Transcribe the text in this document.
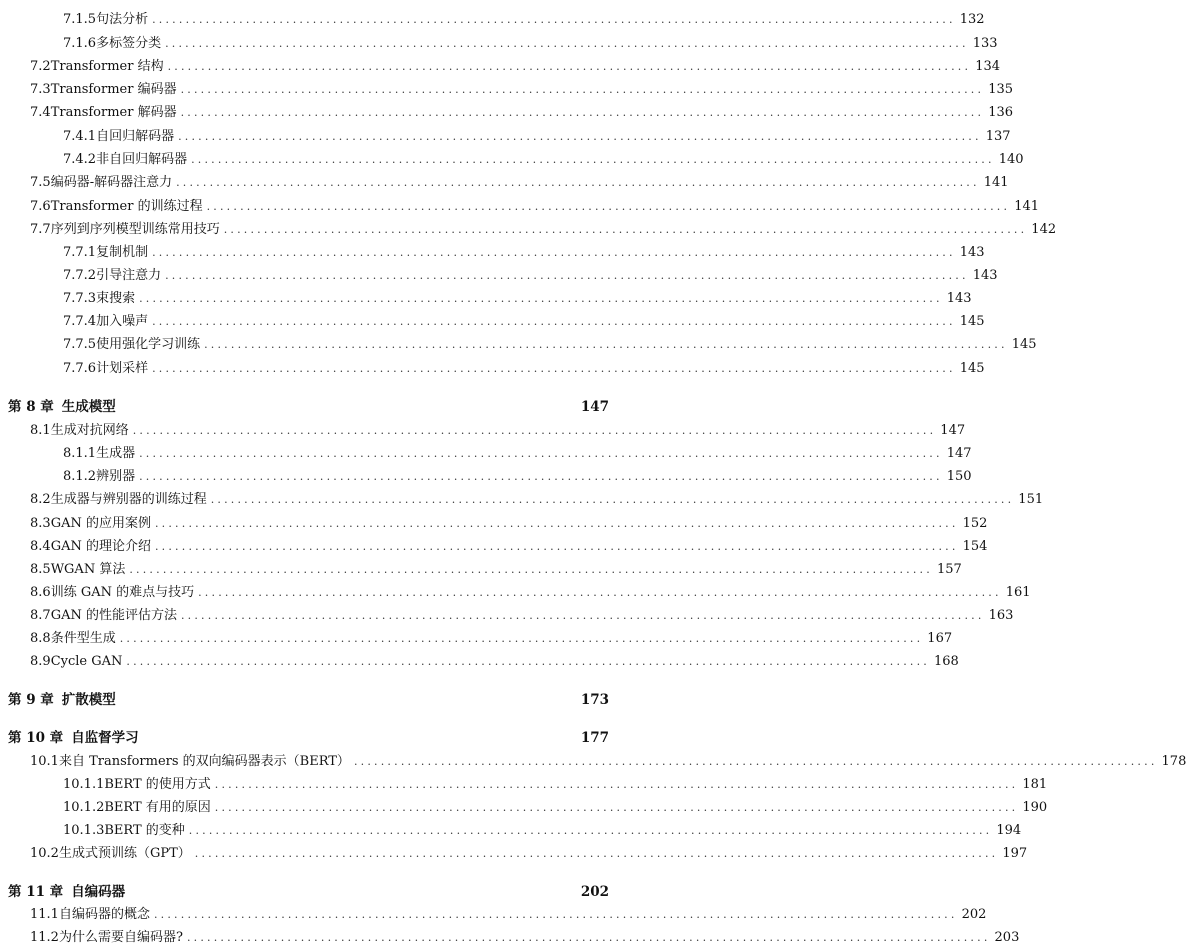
7.1.5 句法分析 ........................................................................................................................ 132
7.1.6 多标签分类 ........................................................................................................................ 133
7.2 Transformer 结构 ........................................................................................................................ 134
7.3 Transformer 编码器 ........................................................................................................................ 135
7.4 Transformer 解码器 ........................................................................................................................ 136
7.4.1 自回归解码器 ........................................................................................................................ 137
7.4.2 非自回归解码器 ........................................................................................................................ 140
7.5 编码器-解码器注意力 ........................................................................................................................ 141
7.6 Transformer 的训练过程 ........................................................................................................................ 141
7.7 序列到序列模型训练常用技巧 ........................................................................................................................ 142
7.7.1 复制机制 ........................................................................................................................ 143
7.7.2 引导注意力 ........................................................................................................................ 143
7.7.3 束搜索 ........................................................................................................................ 143
7.7.4 加入噪声 ........................................................................................................................ 145
7.7.5 使用强化学习训练 ........................................................................................................................ 145
7.7.6 计划采样 ........................................................................................................................ 145
第 8 章 生成模型	147
8.1 生成对抗网络 ........................................................................................................................ 147
8.1.1 生成器 ........................................................................................................................ 147
8.1.2 辨别器 ........................................................................................................................ 150
8.2 生成器与辨别器的训练过程 ........................................................................................................................ 151
8.3 GAN 的应用案例 ........................................................................................................................ 152
8.4 GAN 的理论介绍 ........................................................................................................................ 154
8.5 WGAN 算法 ........................................................................................................................ 157
8.6 训练 GAN 的难点与技巧 ........................................................................................................................ 161
8.7 GAN 的性能评估方法 ........................................................................................................................ 163
8.8 条件型生成 ........................................................................................................................ 167
8.9 Cycle GAN ........................................................................................................................ 168
第 9 章 扩散模型	173
第 10 章 自监督学习	177
10.1 来自 Transformers 的双向编码器表示（BERT） ........................................................................................................................ 178
10.1.1 BERT 的使用方式 ........................................................................................................................ 181
10.1.2 BERT 有用的原因 ........................................................................................................................ 190
10.1.3 BERT 的变种 ........................................................................................................................ 194
10.2 生成式预训练（GPT） ........................................................................................................................ 197
第 11 章 自编码器	202
11.1 自编码器的概念 ........................................................................................................................ 202
11.2 为什么需要自编码器? ........................................................................................................................ 203
